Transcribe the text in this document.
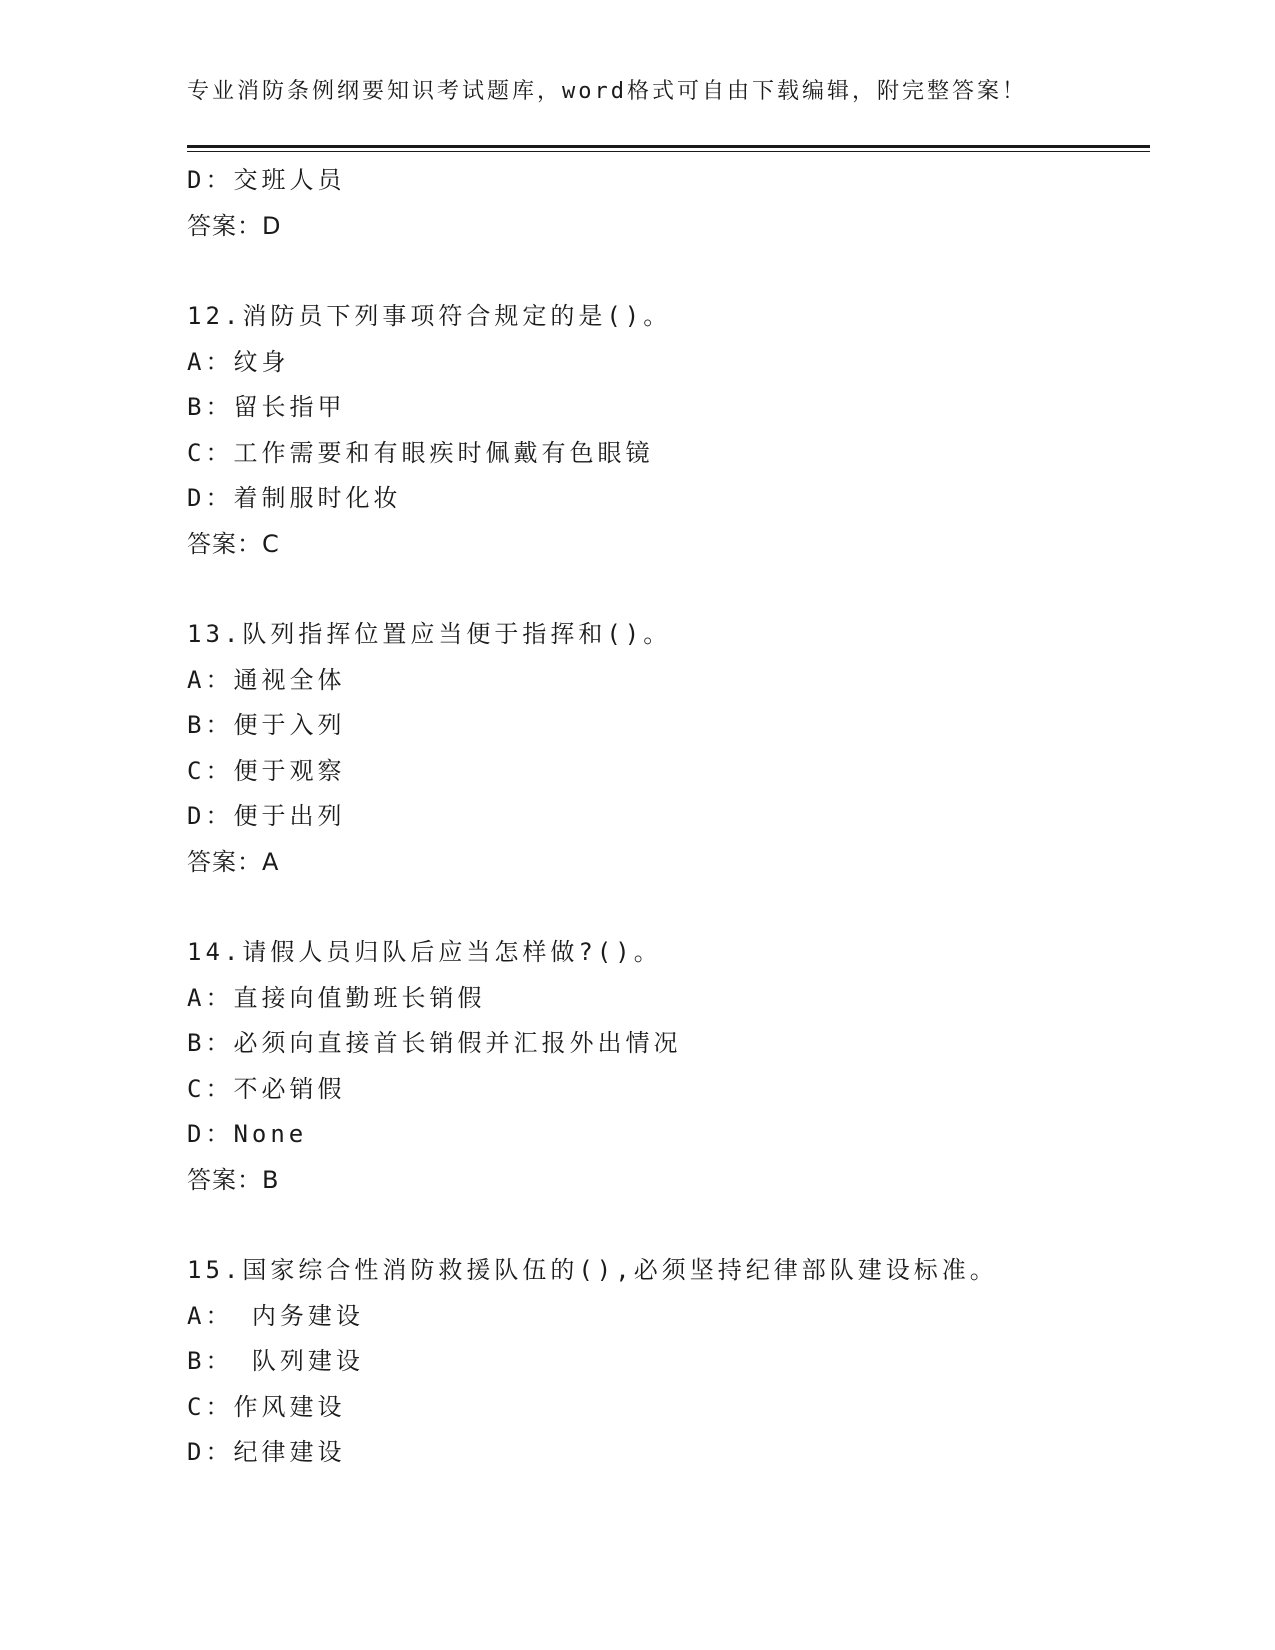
专业消防条例纲要知识考试题库，word格式可自由下载编辑，附完整答案！
D：交班人员
答案：D
12.消防员下列事项符合规定的是()。
A：纹身
B：留长指甲
C：工作需要和有眼疾时佩戴有色眼镜
D：着制服时化妆
答案：C
13.队列指挥位置应当便于指挥和()。
A：通视全体
B：便于入列
C：便于观察
D：便于出列
答案：A
14.请假人员归队后应当怎样做?()。
A：直接向值勤班长销假
B：必须向直接首长销假并汇报外出情况
C：不必销假
D：None
答案：B
15.国家综合性消防救援队伍的(),必须坚持纪律部队建设标准。
A： 内务建设
B： 队列建设
C：作风建设
D：纪律建设
